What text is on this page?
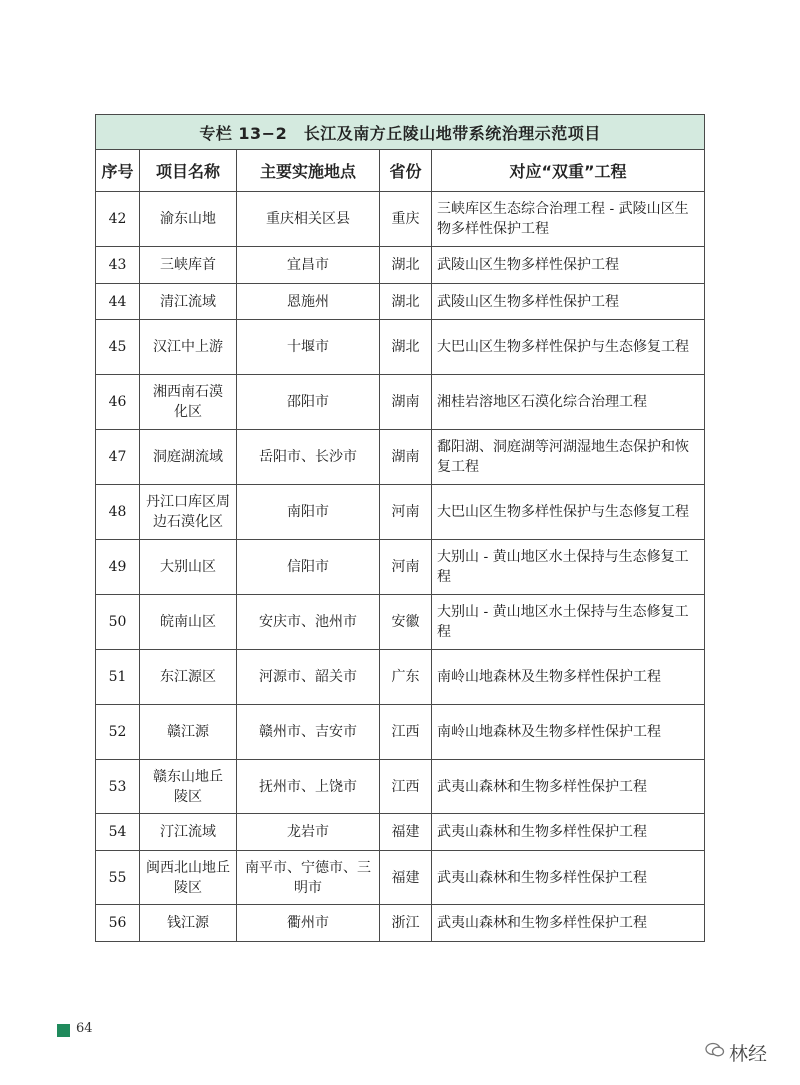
专栏 13−2　长江及南方丘陵山地带系统治理示范项目				
序号	项目名称	主要实施地点	省份	对应“双重”工程
42	渝东山地	重庆相关区县	重庆	三峡库区生态综合治理工程 - 武陵山区生物多样性保护工程
43	三峡库首	宜昌市	湖北	武陵山区生物多样性保护工程
44	清江流域	恩施州	湖北	武陵山区生物多样性保护工程
45	汉江中上游	十堰市	湖北	大巴山区生物多样性保护与生态修复工程
46	湘西南石漠化区	邵阳市	湖南	湘桂岩溶地区石漠化综合治理工程
47	洞庭湖流域	岳阳市、长沙市	湖南	鄱阳湖、洞庭湖等河湖湿地生态保护和恢复工程
48	丹江口库区周边石漠化区	南阳市	河南	大巴山区生物多样性保护与生态修复工程
49	大别山区	信阳市	河南	大别山 - 黄山地区水土保持与生态修复工程
50	皖南山区	安庆市、池州市	安徽	大别山 - 黄山地区水土保持与生态修复工程
51	东江源区	河源市、韶关市	广东	南岭山地森林及生物多样性保护工程
52	赣江源	赣州市、吉安市	江西	南岭山地森林及生物多样性保护工程
53	赣东山地丘陵区	抚州市、上饶市	江西	武夷山森林和生物多样性保护工程
54	汀江流域	龙岩市	福建	武夷山森林和生物多样性保护工程
55	闽西北山地丘陵区	南平市、宁德市、三明市	福建	武夷山森林和生物多样性保护工程
56	钱江源	衢州市	浙江	武夷山森林和生物多样性保护工程
64
林经
